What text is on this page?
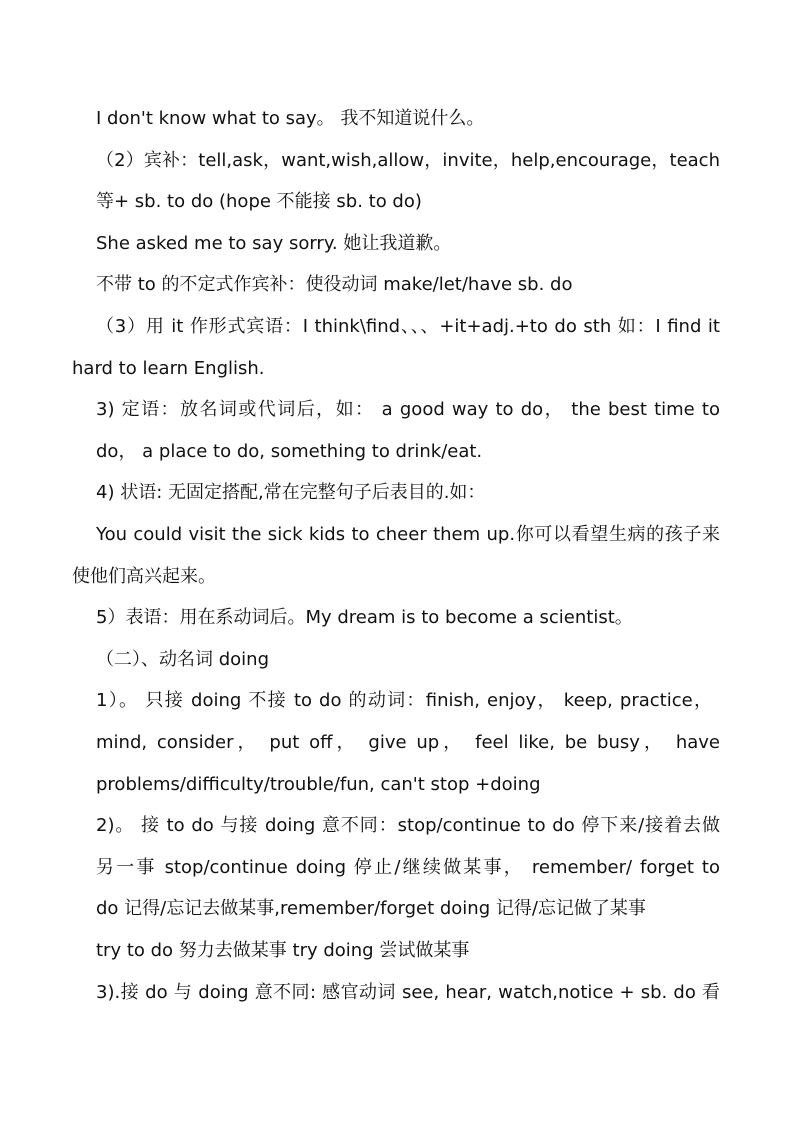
I don't know what to say。 我不知道说什么。
（2）宾补：tell,ask，want,wish,allow，invite，help,encourage，teach
等+ sb. to do (hope 不能接 sb. to do)
She asked me to say sorry. 她让我道歉。
不带 to 的不定式作宾补：使役动词 make/let/have sb. do
（3）用 it 作形式宾语：I think\find、、、+it+adj.+to do sth 如：I find it
hard to learn English.
3) 定语：放名词或代词后，如： a good way to do， the best time to
do， a place to do, something to drink/eat.
4) 状语: 无固定搭配,常在完整句子后表目的.如：
You could visit the sick kids to cheer them up.你可以看望生病的孩子来
使他们高兴起来。
5）表语：用在系动词后。My dream is to become a scientist。
（二）、动名词 doing
1）。 只接 doing 不接 to do 的动词：finish, enjoy， keep, practice，
mind, consider， put off， give up， feel like, be busy， have
problems/difficulty/trouble/fun, can't stop +doing
2)。 接 to do 与接 doing 意不同：stop/continue to do 停下来/接着去做
另一事 stop/continue doing 停止/继续做某事， remember/ forget to
do 记得/忘记去做某事,remember/forget doing 记得/忘记做了某事
try to do 努力去做某事 try doing 尝试做某事
3).接 do 与 doing 意不同: 感官动词 see, hear, watch,notice + sb. do 看
